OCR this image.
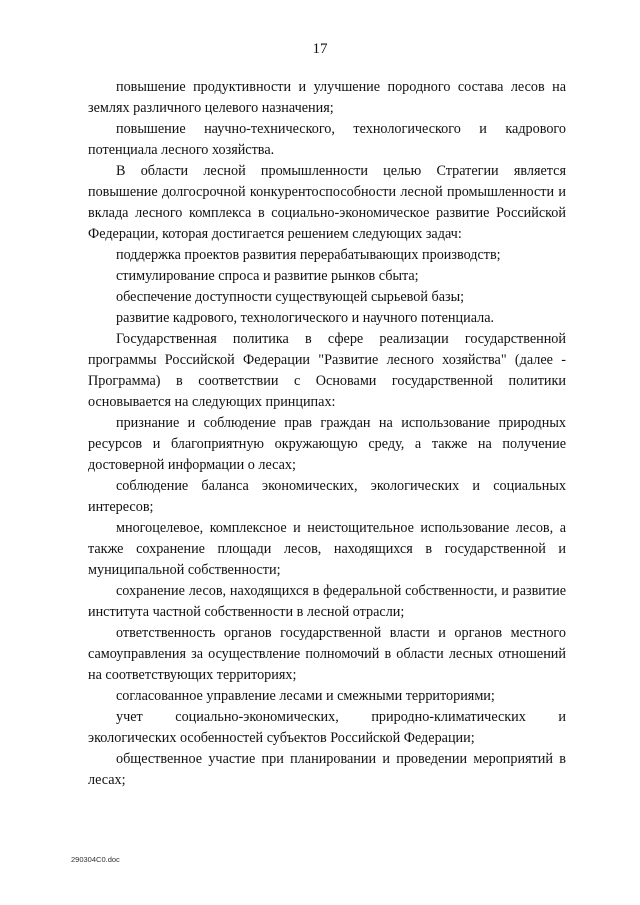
17

повышение продуктивности и улучшение породного состава лесов на землях различного целевого назначения;

повышение научно-технического, технологического и кадрового потенциала лесного хозяйства.

В области лесной промышленности целью Стратегии является повышение долгосрочной конкурентоспособности лесной промышленности и вклада лесного комплекса в социально-экономическое развитие Российской Федерации, которая достигается решением следующих задач:

поддержка проектов развития перерабатывающих производств;

стимулирование спроса и развитие рынков сбыта;

обеспечение доступности существующей сырьевой базы;

развитие кадрового, технологического и научного потенциала.

Государственная политика в сфере реализации государственной программы Российской Федерации "Развитие лесного хозяйства" (далее - Программа) в соответствии с Основами государственной политики основывается на следующих принципах:

признание и соблюдение прав граждан на использование природных ресурсов и благоприятную окружающую среду, а также на получение достоверной информации о лесах;

соблюдение баланса экономических, экологических и социальных интересов;

многоцелевое, комплексное и неистощительное использование лесов, а также сохранение площади лесов, находящихся в государственной и муниципальной собственности;

сохранение лесов, находящихся в федеральной собственности, и развитие института частной собственности в лесной отрасли;

ответственность органов государственной власти и органов местного самоуправления за осуществление полномочий в области лесных отношений на соответствующих территориях;

согласованное управление лесами и смежными территориями;

учет социально-экономических, природно-климатических и экологических особенностей субъектов Российской Федерации;

общественное участие при планировании и проведении мероприятий в лесах;

290304C0.doc
